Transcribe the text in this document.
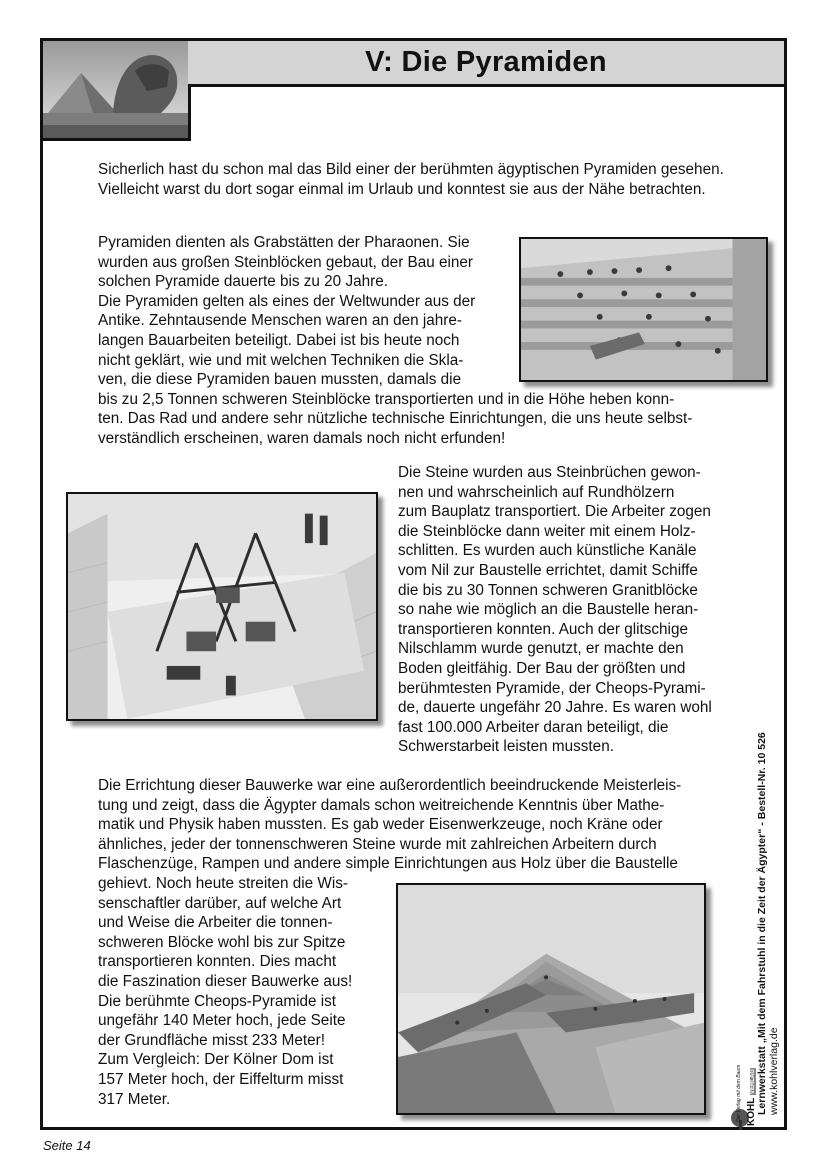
V: Die Pyramiden

Sicherlich hast du schon mal das Bild einer der berühmten ägyptischen Pyramiden gesehen. Vielleicht warst du dort sogar einmal im Urlaub und konntest sie aus der Nähe betrachten.

Pyramiden dienten als Grabstätten der Pharaonen. Sie
wurden aus großen Steinblöcken gebaut, der Bau einer
solchen Pyramide dauerte bis zu 20 Jahre.
Die Pyramiden gelten als eines der Weltwunder aus der
Antike. Zehntausende Menschen waren an den jahre-
langen Bauarbeiten beteiligt. Dabei ist bis heute noch
nicht geklärt, wie und mit welchen Techniken die Skla-
ven, die diese Pyramiden bauen mussten, damals die
bis zu 2,5 Tonnen schweren Steinblöcke transportierten und in die Höhe heben konn-
ten. Das Rad und andere sehr nützliche technische Einrichtungen, die uns heute selbst-
verständlich erscheinen, waren damals noch nicht erfunden!
Die Steine wurden aus Steinbrüchen gewon-
nen und wahrscheinlich auf Rundhölzern
zum Bauplatz transportiert. Die Arbeiter zogen
die Steinblöcke dann weiter mit einem Holz-
schlitten. Es wurden auch künstliche Kanäle
vom Nil zur Baustelle errichtet, damit Schiffe
die bis zu 30 Tonnen schweren Granitblöcke
so nahe wie möglich an die Baustelle heran-
transportieren konnten. Auch der glitschige
Nilschlamm wurde genutzt, er machte den
Boden gleitfähig. Der Bau der größten und
berühmtesten Pyramide, der Cheops-Pyrami-
de, dauerte ungefähr 20 Jahre. Es waren wohl
fast 100.000 Arbeiter daran beteiligt, die
Schwerstarbeit leisten mussten.
Die Errichtung dieser Bauwerke war eine außerordentlich beeindruckende Meisterleis-
tung und zeigt, dass die Ägypter damals schon weitreichende Kenntnis über Mathe-
matik und Physik haben mussten. Es gab weder Eisenwerkzeuge, noch Kräne oder
ähnliches, jeder der tonnenschweren Steine wurde mit zahlreichen Arbeitern durch
Flaschenzüge, Rampen und andere simple Einrichtungen aus Holz über die Baustelle
gehievt. Noch heute streiten die Wis-
senschaftler darüber, auf welche Art
und Weise die Arbeiter die tonnen-
schweren Blöcke wohl bis zur Spitze
transportieren konnten. Dies macht
die Faszination dieser Bauwerke aus!
Die berühmte Cheops-Pyramide ist
ungefähr 140 Meter hoch, jede Seite
der Grundfläche misst 233 Meter!
Zum Vergleich: Der Kölner Dom ist
157 Meter hoch, der Eiffelturm misst
317 Meter.	Lernwerkstatt „Mit dem Fahrstuhl in die Zeit der Ägypter“ - Bestell-Nr. 10 526 www.kohlverlag.de
KOHL VERLAG
Der Verlag mit dem Baum
Seite 14
